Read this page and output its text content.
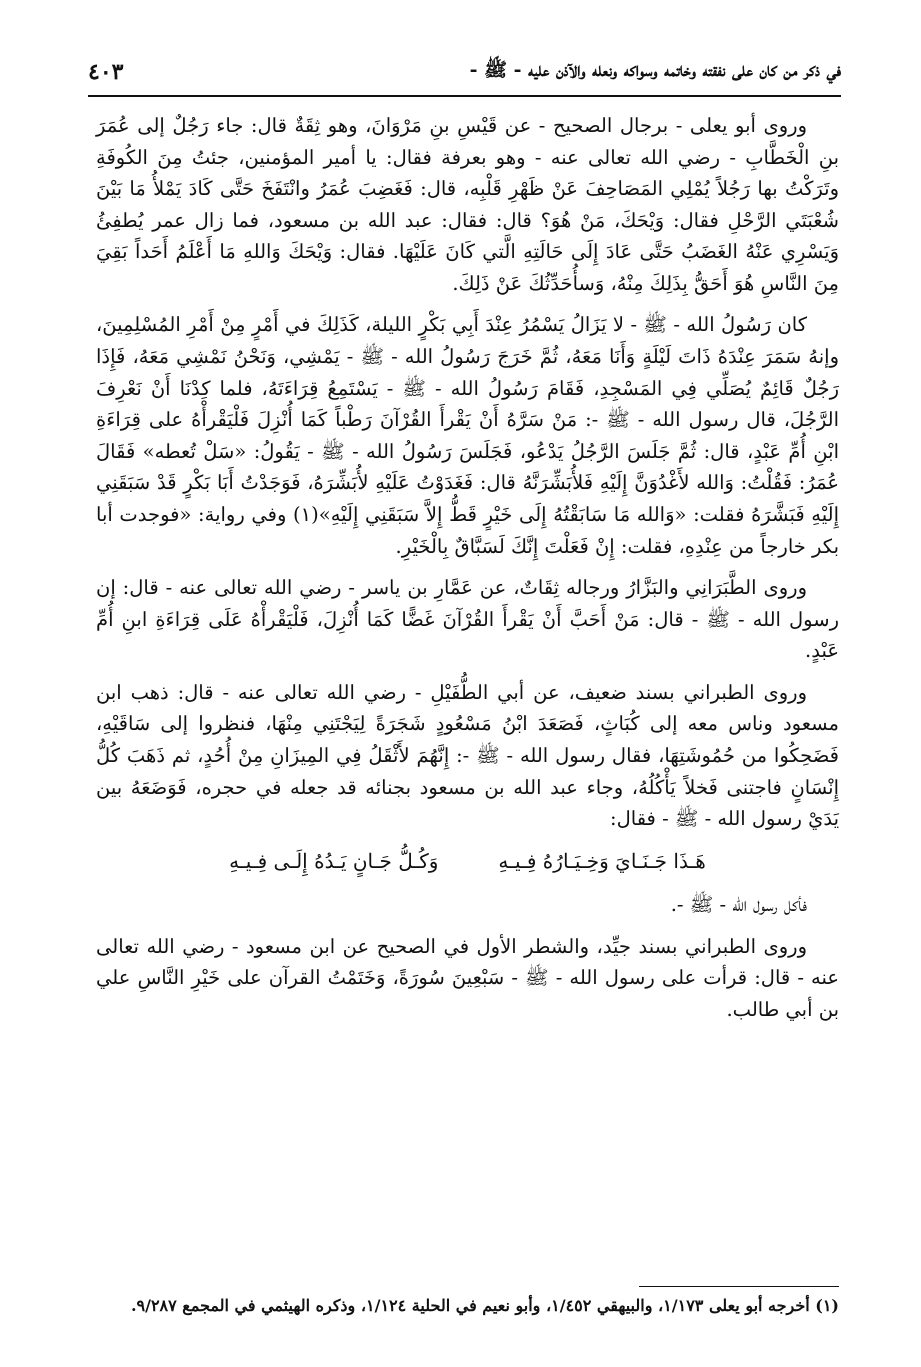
في ذكر من كان على نفقته وخاتمه وسواكه ونعله والآذن عليه - ﷺ -
٤٠٣

وروى أبو يعلى - برجال الصحيح - عن قَيْسِ بنِ مَرْوَانَ، وهو ثِقَةٌ قال: جاء رَجُلٌ إلى عُمَرَ بنِ الْخَطَّابِ - رضي الله تعالى عنه - وهو بعرفة فقال: يا أمير المؤمنين، جئتُ مِنَ الكُوفَةِ وتَرَكْتُ بها رَجُلاً يُمْلِي المَصَاحِفَ عَنْ ظَهْرِ قَلْبِه، قال: فَغَضِبَ عُمَرُ وانْتَفَخَ حَتَّى كَادَ يَمْلأُ مَا بَيْنَ شُعْبَتَي الرَّحْلِ فقال: وَيْحَكَ، مَنْ هُوَ؟ قال: فقال: عبد الله بن مسعود، فما زال عمر يُطفِئُ وَيَسْرِي عَنْهُ الغَضَبُ حَتَّى عَادَ إِلَى حَالَتِهِ الَّتي كَانَ عَلَيْهَا. فقال: وَيْحَكَ وَاللهِ مَا أَعْلَمُ أَحَداً بَقِيَ مِنَ النَّاسِ هُوَ أَحَقُّ بِذَلِكَ مِنْهُ، وَسأُحَدِّثُكَ عَنْ ذَلِكَ.

كان رَسُولُ الله - ﷺ - لا يَزَالُ يَسْمُرُ عِنْدَ أَبِي بَكْرٍ الليلة، كَذَلِكَ في أَمْرٍ مِنْ أَمْرِ المُسْلِمِينَ، وإنهُ سَمَرَ عِنْدَهُ ذَاتَ لَيْلَةٍ وَأَنَا مَعَهُ، ثُمَّ خَرَجَ رَسُولُ الله - ﷺ - يَمْشِي، وَنَحْنُ نَمْشِي مَعَهُ، فَإِذَا رَجُلٌ قَائِمٌ يُصَلِّي فِي المَسْجِدِ، فَقَامَ رَسُولُ الله - ﷺ - يَسْتَمِعُ قِرَاءَتَهُ، فلما كِدْنَا أَنْ نَعْرِفَ الرَّجُلَ، قال رسول الله - ﷺ -: مَنْ سَرَّهُ أَنْ يَقْرأَ القُرْآنَ رَطْباً كَمَا أُنْزِلَ فَلْيَقْرأْهُ على قِرَاءَةِ ابْنِ أُمِّ عَبْدٍ، قال: ثُمَّ جَلَسَ الرَّجُلُ يَدْعُو، فَجَلَسَ رَسُولُ الله - ﷺ - يَقُولُ: «سَلْ تُعطه» فَقَالَ عُمَرُ: فَقُلْتُ: وَالله لأَغْدُوَنَّ إِلَيْهِ فَلأُبَشِّرَنَّهُ قال: فَغَدَوْتُ عَلَيْهِ لأُبَشِّرَهُ، فَوَجَدْتُ أَبَا بَكْرٍ قَدْ سَبَقَنِي إِلَيْهِ فَبَشَّرَهُ فقلت: «وَالله مَا سَابَقْتُهُ إِلَى خَيْرٍ قَطُّ إِلاَّ سَبَقَنِي إِلَيْهِ»(١) وفي رواية: «فوجدت أبا بكر خارجاً من عِنْدِهِ، فقلت: إِنْ فَعَلْتَ إِنَّكَ لَسَبَّاقٌ بِالْخَيْرِ.

وروى الطَّبَرَانِي والبَزَّارُ ورجاله ثِقَاتٌ، عن عَمَّارِ بن ياسر - رضي الله تعالى عنه - قال: إن رسول الله - ﷺ - قال: مَنْ أَحَبَّ أَنْ يَقْرأَ القُرْآنَ غَضًّا كَمَا أُنْزِلَ، فَلْيَقْرأْهُ عَلَى قِرَاءَةِ ابنِ أُمِّ عَبْدٍ.

وروى الطبراني بسند ضعيف، عن أبي الطُّفَيْلِ - رضي الله تعالى عنه - قال: ذهب ابن مسعود وناس معه إلى كُبَاثٍ، فَصَعَدَ ابْنُ مَسْعُودٍ شَجَرَةً لِيَجْتَنِي مِنْهَا، فنظروا إلى سَاقَيْهِ، فَضَحِكُوا من حُمُوشَتِهَا، فقال رسول الله - ﷺ -: إِنَّهُمَ لأَثْقَلُ فِي المِيزَانِ مِنْ أُحُدٍ، ثم ذَهَبَ كُلُّ إِنْسَانٍ فاجتنى فَخلاً يَأْكُلُهُ، وجاء عبد الله بن مسعود بجنائه قد جعله في حجره، فَوَضَعَهُ بين يَدَيْ رسول الله - ﷺ - فقال:

هَـذَا جَـنَـايَ وَخِـيَـارُهُ فِـيـهِ
وَكُـلُّ جَـانٍ يَـدُهُ إِلَـى فِـيـهِ

فأكل رسول الله - ﷺ -.

وروى الطبراني بسند جيِّد، والشطر الأول في الصحيح عن ابن مسعود - رضي الله تعالى عنه - قال: قرأت على رسول الله - ﷺ - سَبْعِينَ سُورَةً، وَخَتَمْتُ القرآن على خَيْرِ النَّاسِ علي بن أبي طالب.

(١) أخرجه أبو يعلى ١/١٧٣، والبيهقي ١/٤٥٢، وأبو نعيم في الحلية ١/١٢٤، وذكره الهيثمي في المجمع ٩/٢٨٧.
